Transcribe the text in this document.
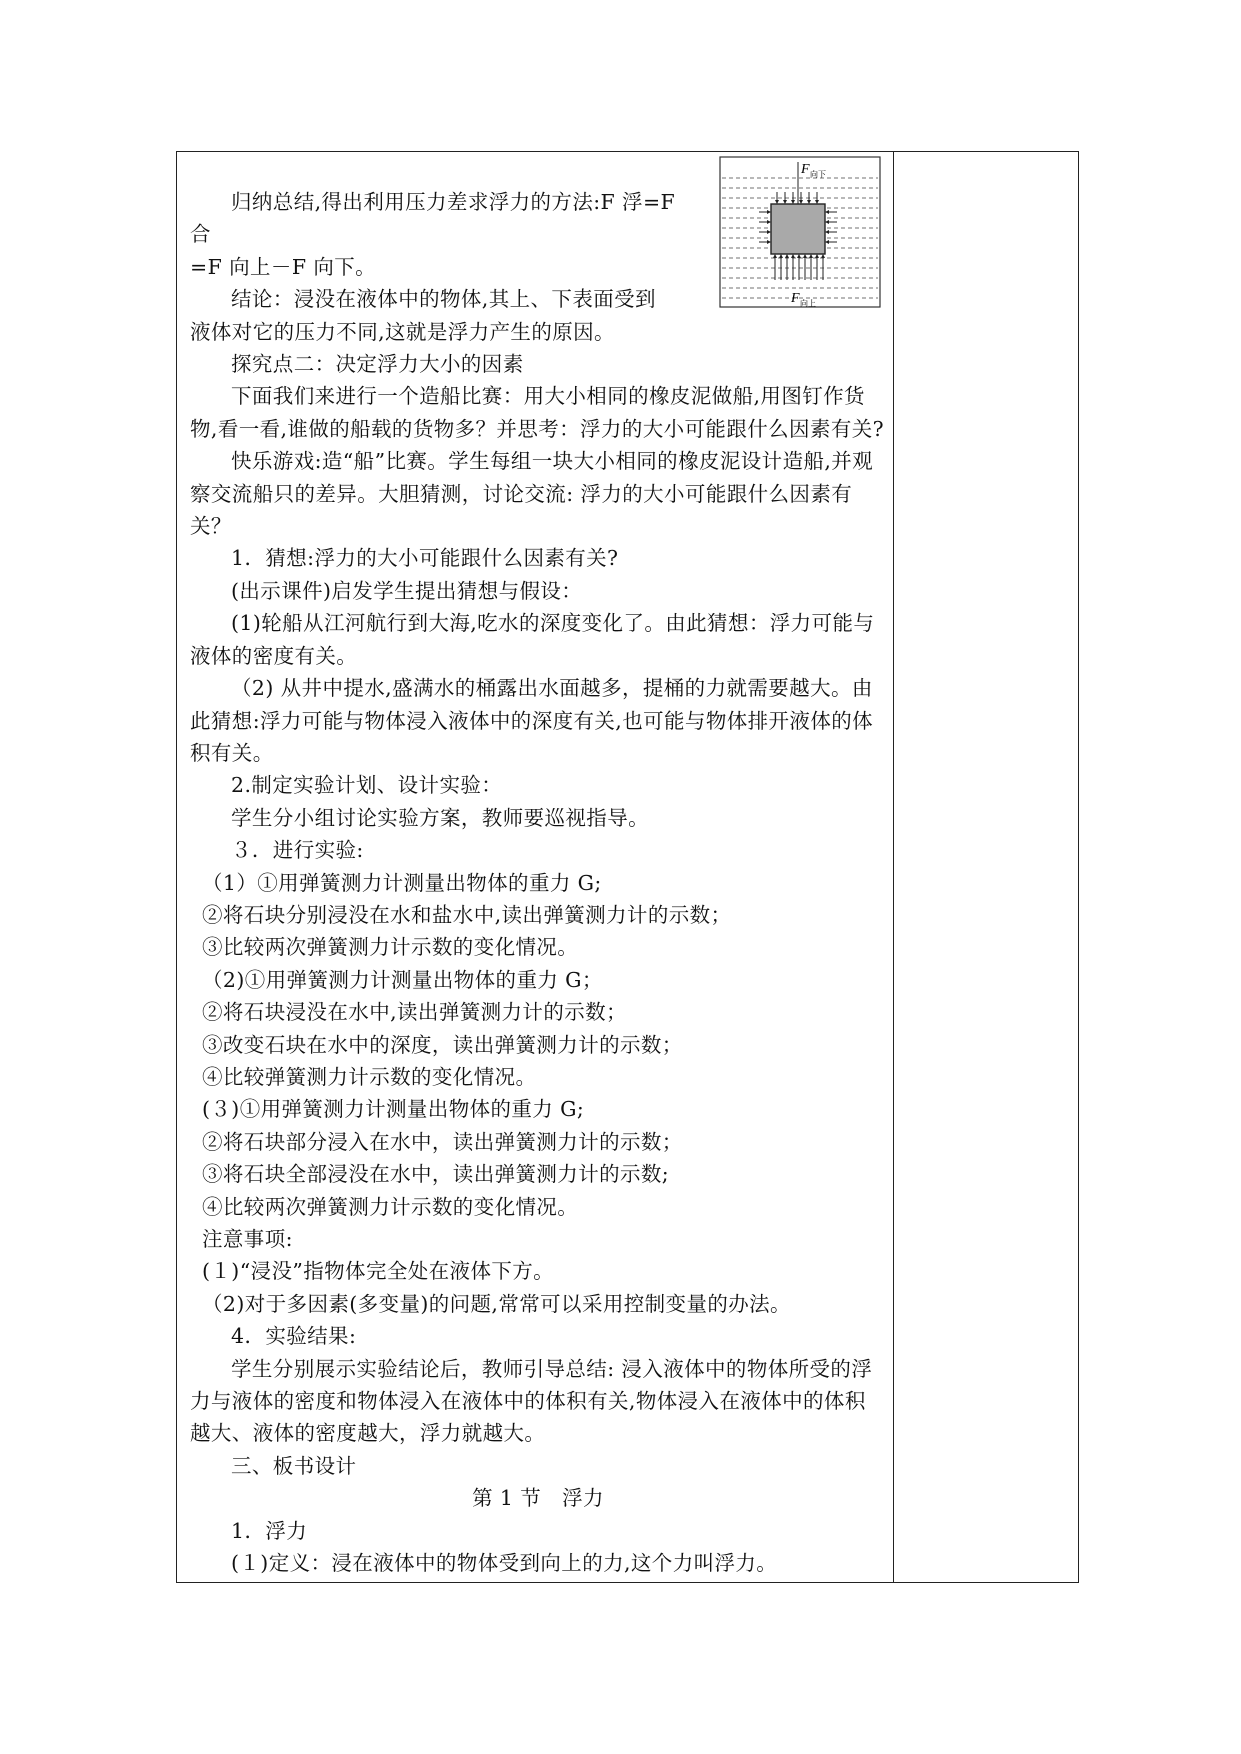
F 向下
F 向上

归纳总结,得出利用压力差求浮力的方法:F 浮=F 合

=F 向上－F 向下。

结论：浸没在液体中的物体,其上、下表面受到

液体对它的压力不同,这就是浮力产生的原因。

探究点二：决定浮力大小的因素

下面我们来进行一个造船比赛：用大小相同的橡皮泥做船,用图钉作货物,看一看,谁做的船载的货物多？并思考：浮力的大小可能跟什么因素有关?

快乐游戏:造“船”比赛。学生每组一块大小相同的橡皮泥设计造船,并观察交流船只的差异。大胆猜测，讨论交流: 浮力的大小可能跟什么因素有关？

1．猜想:浮力的大小可能跟什么因素有关?

(出示课件)启发学生提出猜想与假设：

(1)轮船从江河航行到大海,吃水的深度变化了。由此猜想：浮力可能与液体的密度有关。

（2) 从井中提水,盛满水的桶露出水面越多，提桶的力就需要越大。由此猜想:浮力可能与物体浸入液体中的深度有关,也可能与物体排开液体的体积有关。

2.制定实验计划、设计实验：

学生分小组讨论实验方案，教师要巡视指导。

３．进行实验:

（1）①用弹簧测力计测量出物体的重力 G;

②将石块分别浸没在水和盐水中,读出弹簧测力计的示数；

③比较两次弹簧测力计示数的变化情况。

（2)①用弹簧测力计测量出物体的重力 G；

②将石块浸没在水中,读出弹簧测力计的示数；

③改变石块在水中的深度，读出弹簧测力计的示数；

④比较弹簧测力计示数的变化情况。

(３)①用弹簧测力计测量出物体的重力 G;

②将石块部分浸入在水中，读出弹簧测力计的示数；

③将石块全部浸没在水中，读出弹簧测力计的示数;

④比较两次弹簧测力计示数的变化情况。

注意事项:

(１)“浸没”指物体完全处在液体下方。

（2)对于多因素(多变量)的问题,常常可以采用控制变量的办法。

4．实验结果:

学生分别展示实验结论后，教师引导总结: 浸入液体中的物体所受的浮力与液体的密度和物体浸入在液体中的体积有关,物体浸入在液体中的体积越大、液体的密度越大，浮力就越大。

三、板书设计

第 1 节　浮力

1．浮力

(１)定义：浸在液体中的物体受到向上的力,这个力叫浮力。
